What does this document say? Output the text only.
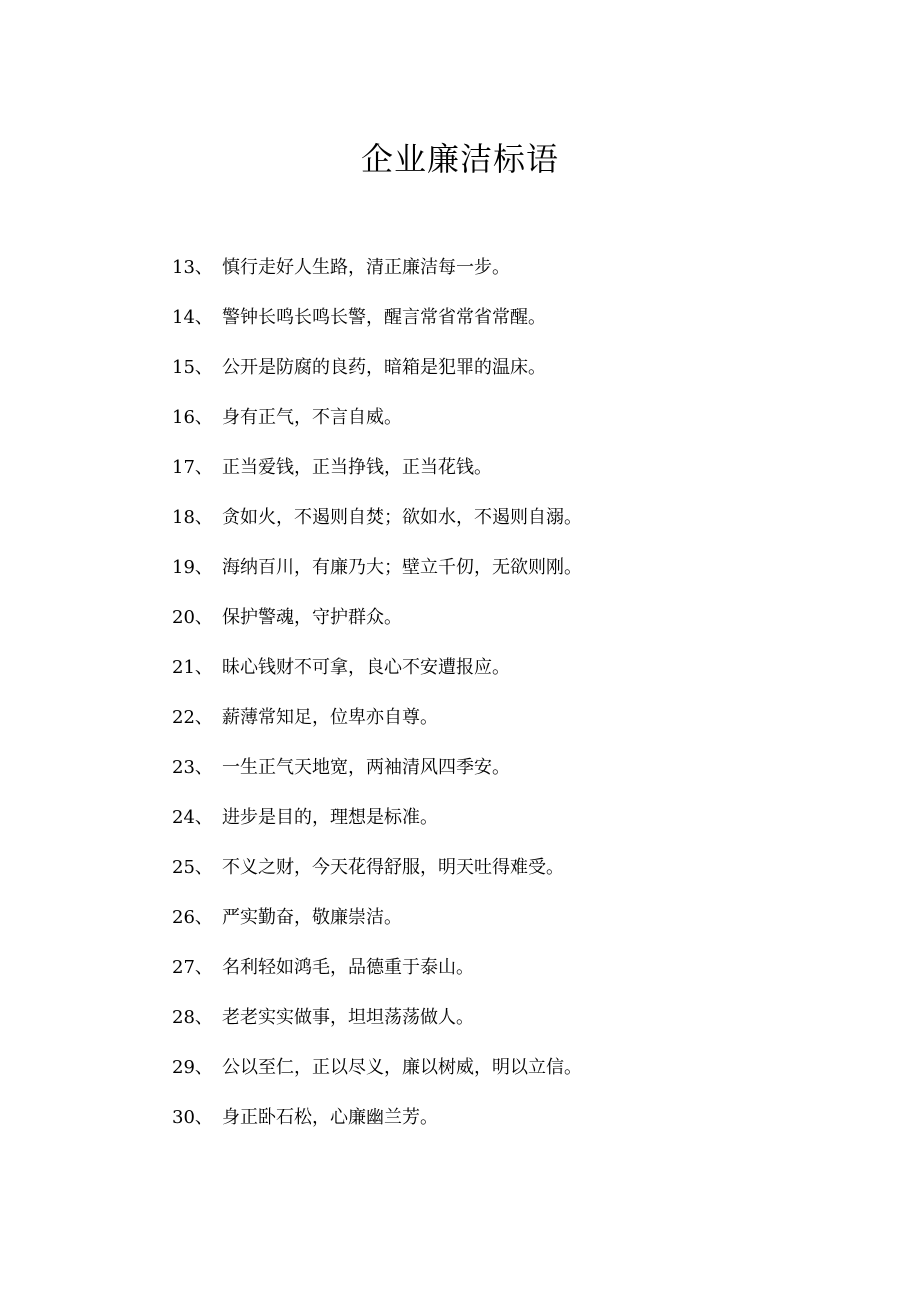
企业廉洁标语
13、 慎行走好人生路，清正廉洁每一步。
14、 警钟长鸣长鸣长警，醒言常省常省常醒。
15、 公开是防腐的良药，暗箱是犯罪的温床。
16、 身有正气，不言自威。
17、 正当爱钱，正当挣钱，正当花钱。
18、 贪如火，不遏则自焚；欲如水，不遏则自溺。
19、 海纳百川，有廉乃大；壁立千仞，无欲则刚。
20、 保护警魂，守护群众。
21、 昧心钱财不可拿，良心不安遭报应。
22、 薪薄常知足，位卑亦自尊。
23、 一生正气天地宽，两袖清风四季安。
24、 进步是目的，理想是标准。
25、 不义之财，今天花得舒服，明天吐得难受。
26、 严实勤奋，敬廉崇洁。
27、 名利轻如鸿毛，品德重于泰山。
28、 老老实实做事，坦坦荡荡做人。
29、 公以至仁，正以尽义，廉以树威，明以立信。
30、 身正卧石松，心廉幽兰芳。
